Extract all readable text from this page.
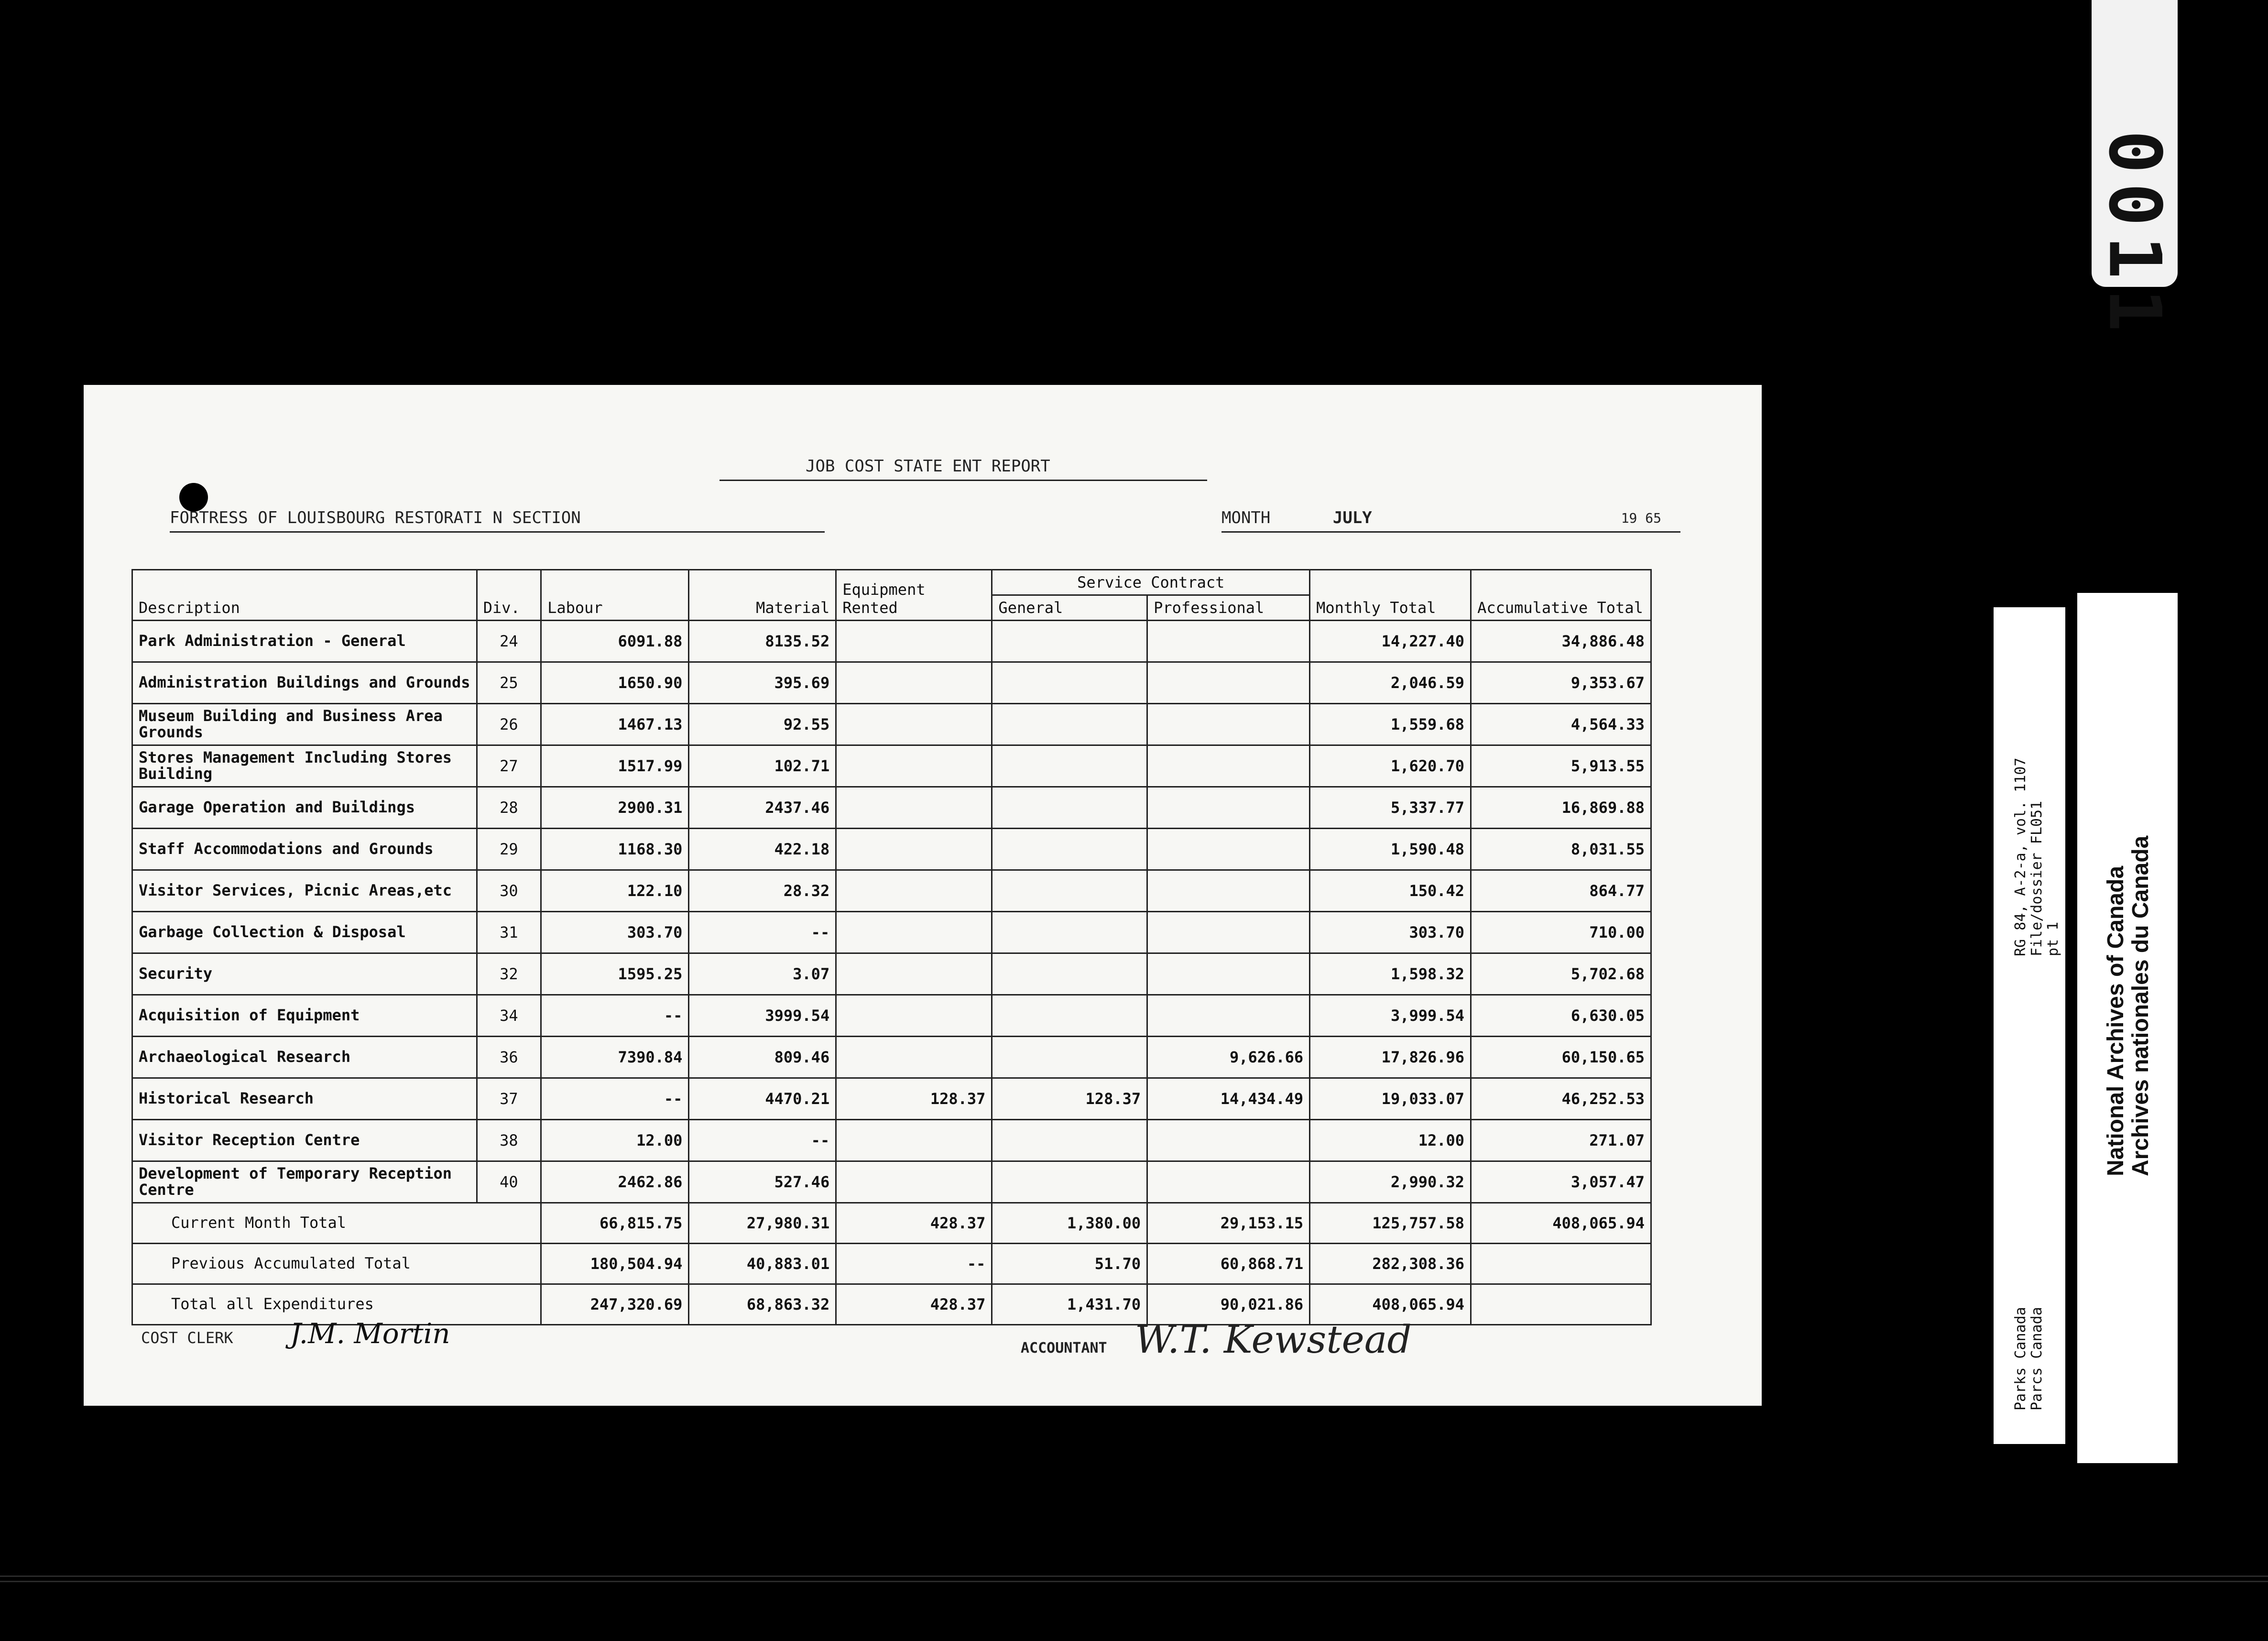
0011
JOB COST STATE ENT REPORT
FORTRESS OF LOUISBOURG RESTORATI N SECTION	MONTH	JULY	19 65
Description	Div.	Labour	Material	Equipment Rented	Service Contract		Monthly Total	Accumulative Total
					General	Professional		
Park Administration - General	24	6091.88	8135.52				14,227.40	34,886.48
Administration Buildings and Grounds	25	1650.90	395.69				2,046.59	9,353.67
Museum Building and Business Area Grounds	26	1467.13	92.55				1,559.68	4,564.33
Stores Management Including Stores Building	27	1517.99	102.71				1,620.70	5,913.55
Garage Operation and Buildings	28	2900.31	2437.46				5,337.77	16,869.88
Staff Accommodations and Grounds	29	1168.30	422.18				1,590.48	8,031.55
Visitor Services, Picnic Areas,etc	30	122.10	28.32				150.42	864.77
Garbage Collection & Disposal	31	303.70	--				303.70	710.00
Security	32	1595.25	3.07				1,598.32	5,702.68
Acquisition of Equipment	34	--	3999.54				3,999.54	6,630.05
Archaeological Research	36	7390.84	809.46			9,626.66	17,826.96	60,150.65
Historical Research	37	--	4470.21	128.37	128.37	14,434.49	19,033.07	46,252.53
Visitor Reception Centre	38	12.00	--				12.00	271.07
Development of Temporary Reception Centre	40	2462.86	527.46				2,990.32	3,057.47
Current Month Total		66,815.75	27,980.31	428.37	1,380.00	29,153.15	125,757.58	408,065.94
Previous Accumulated Total		180,504.94	40,883.01	--	51.70	60,868.71	282,308.36	
Total all Expenditures		247,320.69	68,863.32	428.37	1,431.70	90,021.86	408,065.94	
COST CLERK J.M. Mortin	ACCOUNTANT W.T. Kewstead
RG 84, A-2-a, vol. 1107 File/dossier FL051 pt 1
Parks Canada Parcs Canada
National Archives of Canada Archives nationales du Canada
